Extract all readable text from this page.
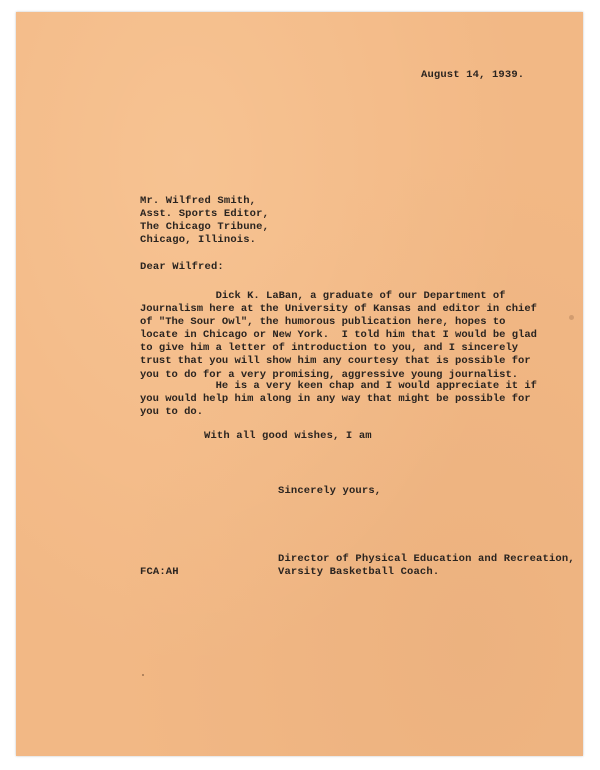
August 14, 1939.

Mr. Wilfred Smith,

Asst. Sports Editor,

The Chicago Tribune,

Chicago, Illinois.

Dear Wilfred:

Dick K. LaBan, a graduate of our Department of
Journalism here at the University of Kansas and editor in chief
of "The Sour Owl", the humorous publication here, hopes to
locate in Chicago or New York.  I told him that I would be glad
to give him a letter of introduction to you, and I sincerely
trust that you will show him any courtesy that is possible for
you to do for a very promising, aggressive young journalist.
He is a very keen chap and I would appreciate it if
you would help him along in any way that might be possible for
you to do.

With all good wishes, I am

Sincerely yours,

Director of Physical Education and Recreation,

Varsity Basketball Coach.

FCA:AH
